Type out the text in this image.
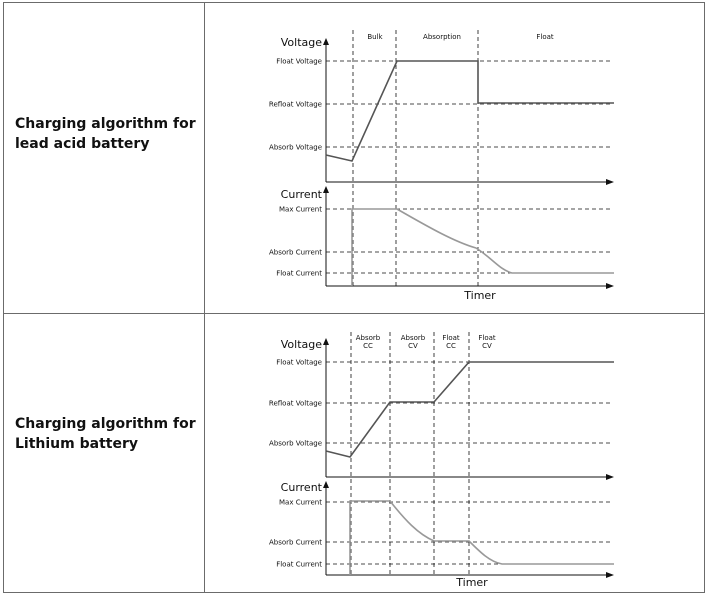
Charging algorithm for
lead acid battery
Charging algorithm for
Lithium battery
Voltage
Current
Timer
Float Voltage
Refloat Voltage
Absorb Voltage
Max Current
Absorb Current
Float Current
Bulk	Absorption	Float
Voltage
Current
Timer
Float Voltage
Refloat Voltage
Absorb Voltage
Max Current
Absorb Current
Float Current
Absorb
CC
Absorb
CV
Float
CC
Float
CV
